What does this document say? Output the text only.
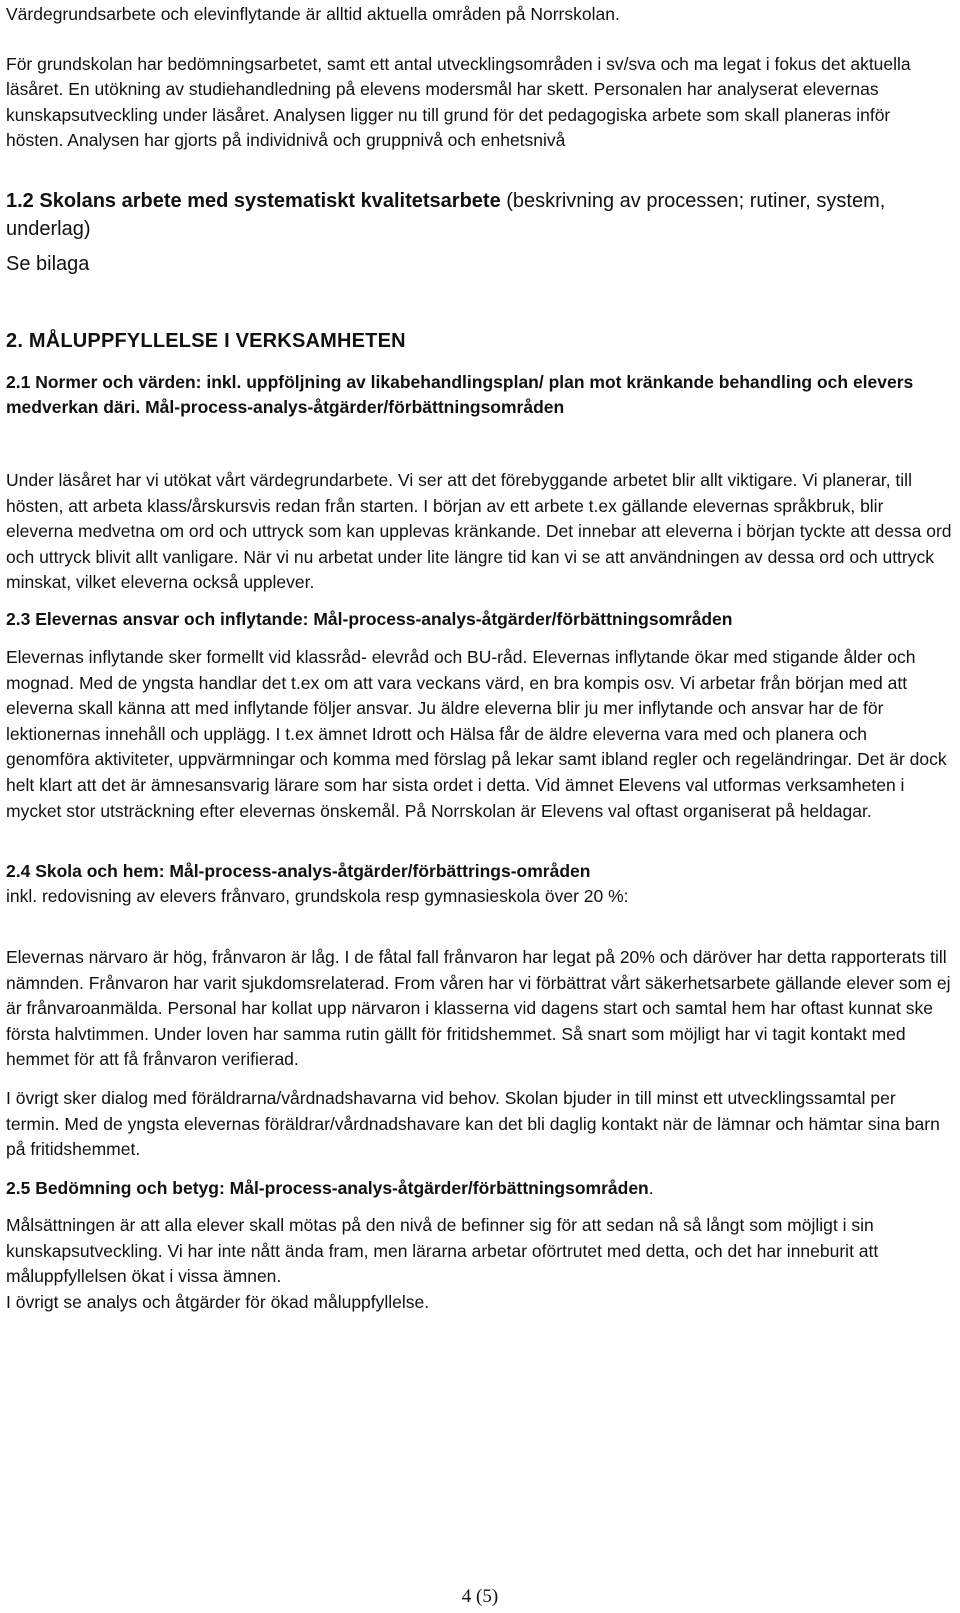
Värdegrundsarbete och elevinflytande är alltid aktuella områden på Norrskolan.

För grundskolan har bedömningsarbetet, samt ett antal utvecklingsområden i sv/sva och ma legat i fokus det aktuella läsåret. En utökning av studiehandledning på elevens modersmål har skett. Personalen har analyserat elevernas kunskapsutveckling under läsåret. Analysen ligger nu till grund för det pedagogiska arbete som skall planeras inför hösten. Analysen har gjorts på individnivå och gruppnivå och enhetsnivå

1.2 Skolans arbete med systematiskt kvalitetsarbete (beskrivning av processen; rutiner, system, underlag)

Se bilaga

2. MÅLUPPFYLLELSE I VERKSAMHETEN

2.1 Normer och värden: inkl. uppföljning av likabehandlingsplan/ plan mot kränkande behandling och elevers medverkan däri. Mål-process-analys-åtgärder/förbättningsområden

Under läsåret har vi utökat vårt värdegrundarbete. Vi ser att det förebyggande arbetet blir allt viktigare. Vi planerar, till hösten, att arbeta klass/årskursvis redan från starten. I början av ett arbete t.ex gällande elevernas språkbruk, blir eleverna medvetna om ord och uttryck som kan upplevas kränkande. Det innebar att eleverna i början tyckte att dessa ord och uttryck blivit allt vanligare. När vi nu arbetat under lite längre tid kan vi se att användningen av dessa ord och uttryck minskat, vilket eleverna också upplever.

2.3 Elevernas ansvar och inflytande: Mål-process-analys-åtgärder/förbättningsområden

Elevernas inflytande sker formellt vid klassråd- elevråd och BU-råd. Elevernas inflytande ökar med stigande ålder och mognad. Med de yngsta handlar det t.ex om att vara veckans värd, en bra kompis osv. Vi arbetar från början med att eleverna skall känna att med inflytande följer ansvar. Ju äldre eleverna blir ju mer inflytande och ansvar har de för lektionernas innehåll och upplägg. I t.ex ämnet Idrott och Hälsa får de äldre eleverna vara med och planera och genomföra aktiviteter, uppvärmningar och komma med förslag på lekar samt ibland regler och regeländringar. Det är dock helt klart att det är ämnesansvarig lärare som har sista ordet i detta. Vid ämnet Elevens val utformas verksamheten i mycket stor utsträckning efter elevernas önskemål. På Norrskolan är Elevens val oftast organiserat på heldagar.

2.4 Skola och hem: Mål-process-analys-åtgärder/förbättrings-områden

inkl. redovisning av elevers frånvaro, grundskola resp gymnasieskola över 20 %:

Elevernas närvaro är hög, frånvaron är låg. I de fåtal fall frånvaron har legat på 20% och däröver har detta rapporterats till nämnden. Frånvaron har varit sjukdomsrelaterad. From våren har vi förbättrat vårt säkerhetsarbete gällande elever som ej är frånvaroanmälda. Personal har kollat upp närvaron i klasserna vid dagens start och samtal hem har oftast kunnat ske första halvtimmen. Under loven har samma rutin gällt för fritidshemmet. Så snart som möjligt har vi tagit kontakt med hemmet för att få frånvaron verifierad.

I övrigt sker dialog med föräldrarna/vårdnadshavarna vid behov. Skolan bjuder in till minst ett utvecklingssamtal per termin. Med de yngsta elevernas föräldrar/vårdnadshavare kan det bli daglig kontakt när de lämnar och hämtar sina barn på fritidshemmet.

2.5 Bedömning och betyg: Mål-process-analys-åtgärder/förbättningsområden.

Målsättningen är att alla elever skall mötas på den nivå de befinner sig för att sedan nå så långt som möjligt i sin kunskapsutveckling. Vi har inte nått ända fram, men lärarna arbetar oförtrutet med detta, och det har inneburit att måluppfyllelsen ökat i vissa ämnen.

I övrigt se analys och åtgärder för ökad måluppfyllelse.

4 (5)
